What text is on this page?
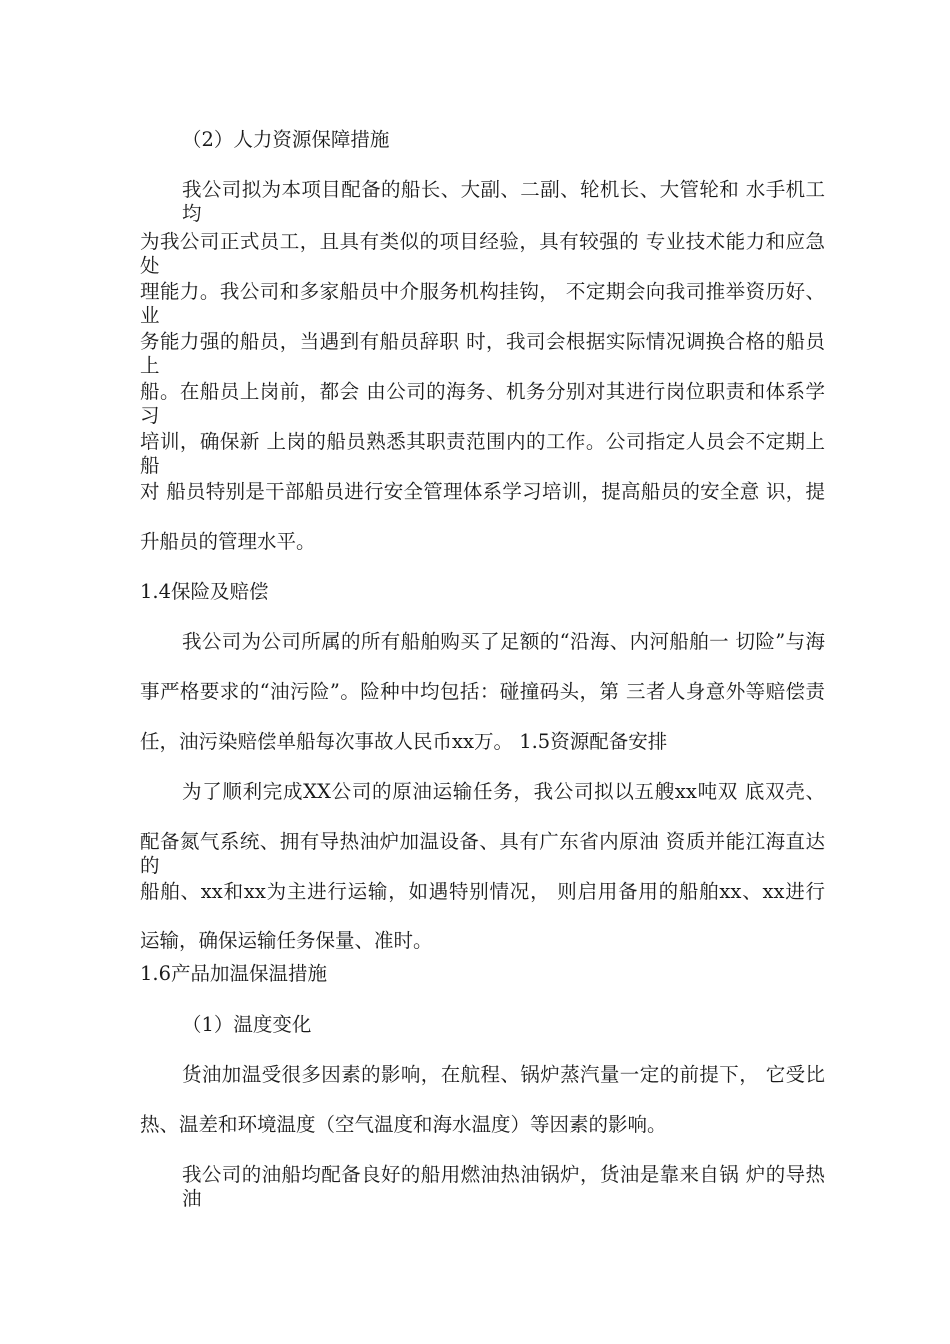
（2）人力资源保障措施
我公司拟为本项目配备的船长、大副、二副、轮机长、大管轮和 水手机工均
为我公司正式员工，且具有类似的项目经验，具有较强的 专业技术能力和应急处
理能力。我公司和多家船员中介服务机构挂钩， 不定期会向我司推举资历好、业
务能力强的船员，当遇到有船员辞职 时，我司会根据实际情况调换合格的船员上
船。在船员上岗前，都会 由公司的海务、机务分别对其进行岗位职责和体系学习
培训，确保新 上岗的船员熟悉其职责范围内的工作。公司指定人员会不定期上船
对 船员特别是干部船员进行安全管理体系学习培训，提高船员的安全意 识，提
升船员的管理水平。
1.4保险及赔偿
我公司为公司所属的所有船舶购买了足额的“沿海、内河船舶一 切险”与海
事严格要求的“油污险”。险种中均包括：碰撞码头，第 三者人身意外等赔偿责
任，油污染赔偿单船每次事故人民币xx万。 1.5资源配备安排
为了顺利完成XX公司的原油运输任务，我公司拟以五艘xx吨双 底双壳、
配备氮气系统、拥有导热油炉加温设备、具有广东省内原油 资质并能江海直达的
船舶、xx和xx为主进行运输，如遇特别情况， 则启用备用的船舶xx、xx进行
运输，确保运输任务保量、准时。
1.6产品加温保温措施
（1）温度变化
货油加温受很多因素的影响，在航程、锅炉蒸汽量一定的前提下， 它受比
热、温差和环境温度（空气温度和海水温度）等因素的影响。
我公司的油船均配备良好的船用燃油热油锅炉，货油是靠来自锅 炉的导热油
